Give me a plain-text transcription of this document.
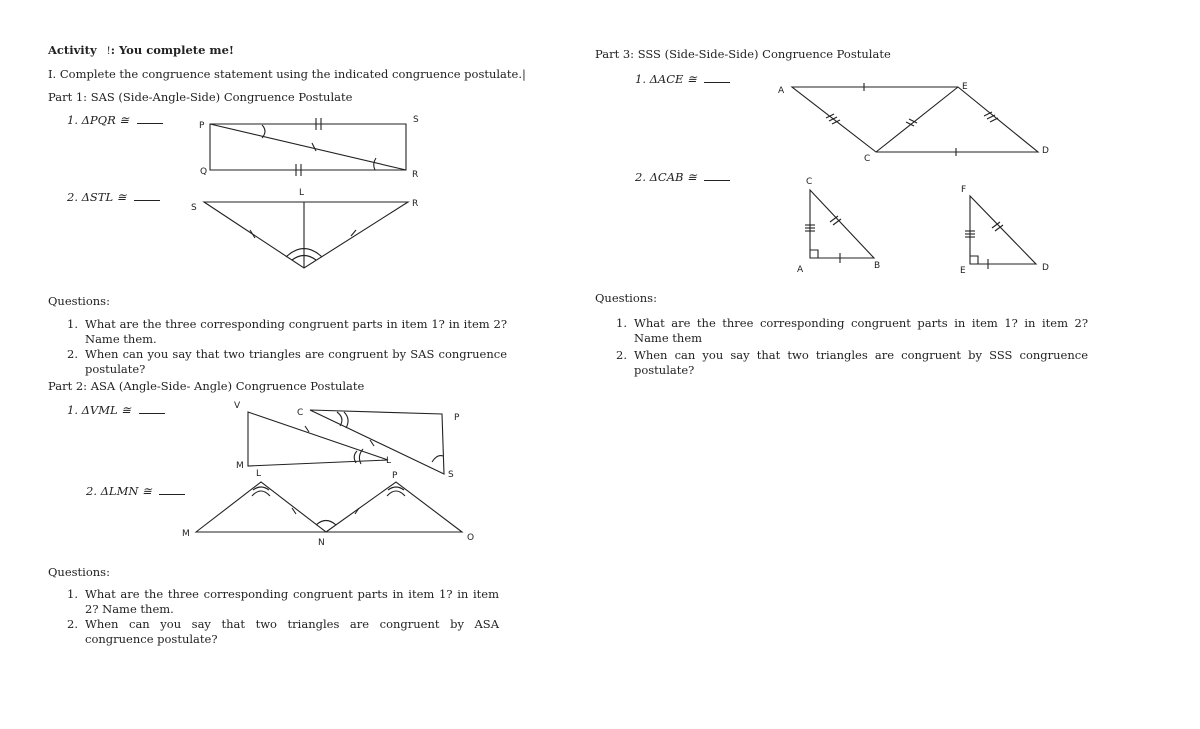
Activity !: You complete me!
I. Complete the congruence statement using the indicated congruence postulate.|
Part 1: SAS (Side-Angle-Side) Congruence Postulate
1. ΔPQR ≅
2. ΔSTL ≅
P
S
Q	R
L
S	R
V
C	P
M
L
L
S
P
M
N	O
A	E
C
D
C
A	B
F
E	D
Questions:
1. What are the three corresponding congruent parts in item 1? in item 2? Name them.
2. When can you say that two triangles are congruent by SAS congruence postulate?
Part 2: ASA (Angle-Side- Angle) Congruence Postulate
1. ΔVML ≅
2. ΔLMN ≅
Questions:
1. What are the three corresponding congruent parts in item 1? in item 2? Name them.
2. When can you say that two triangles are congruent by ASA congruence postulate?
Part 3: SSS (Side-Side-Side) Congruence Postulate
1. ΔACE ≅
2. ΔCAB ≅
Questions:
1. What are the three corresponding congruent parts in item 1? in item 2? Name them
2. When can you say that two triangles are congruent by SSS congruence postulate?
